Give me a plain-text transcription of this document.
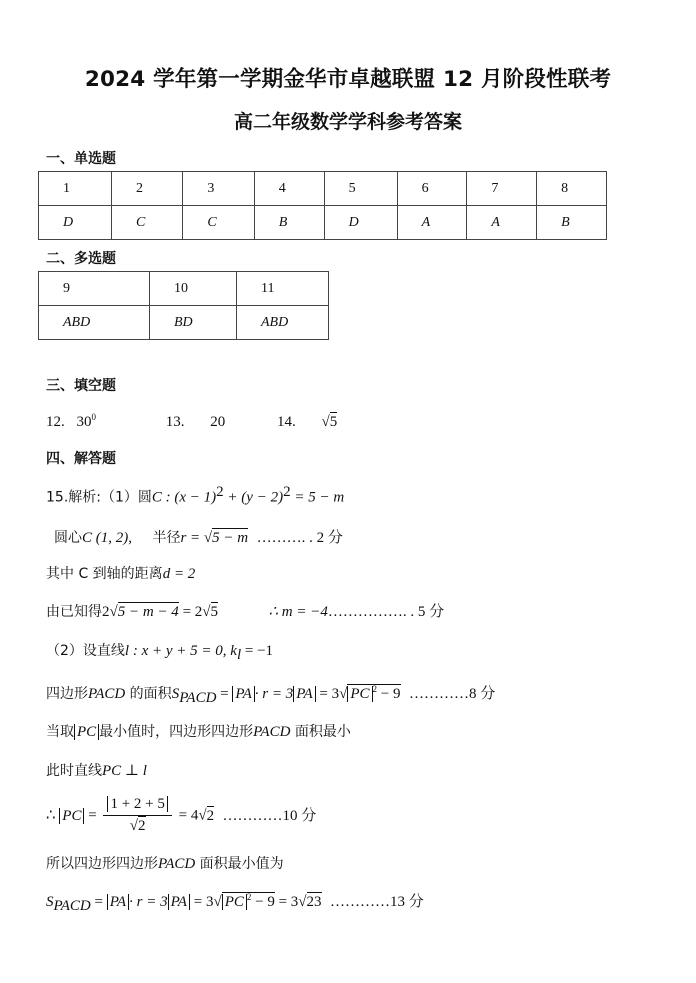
2024 学年第一学期金华市卓越联盟 12 月阶段性联考
高二年级数学学科参考答案
一、单选题
1	2	3	4	5	6	7	8
D	C	C	B	D	A	A	B
二、多选题
9	10	11
ABD	BD	ABD
三、填空题
12. $30^0$	13. 20	14. √5
四、解答题
15.解析:（1）圆C : $(x - 1)^2 + (y - 2)^2 = 5 - m$
圆心C (1, 2), 半径r = √5 − m ………. . 2 分
其中 C 到轴的距离d = 2
由已知得2√5 − m − 4 = 2√5	∴ m = −4……………. . 5 分
（2）设直线l : x + y + 5 = 0, $k_l = -1$
四边形PACD 的面积$S_{PACD}$ = PA · r = 3 PA = 3√ PC $^2$ − 9 …………8 分
当取 PC 最小值时，四边形四边形PACD 面积最小
此时直线PC ⊥ l
∴ PC = $\frac{1 + 2 + 5}{√2} = 4√2$ …………10 分
所以四边形四边形PACD 面积最小值为
$S_{PACD}$ = PA · r = 3 PA = 3√ PC $^2$ − 9 = 3√23 …………13 分
